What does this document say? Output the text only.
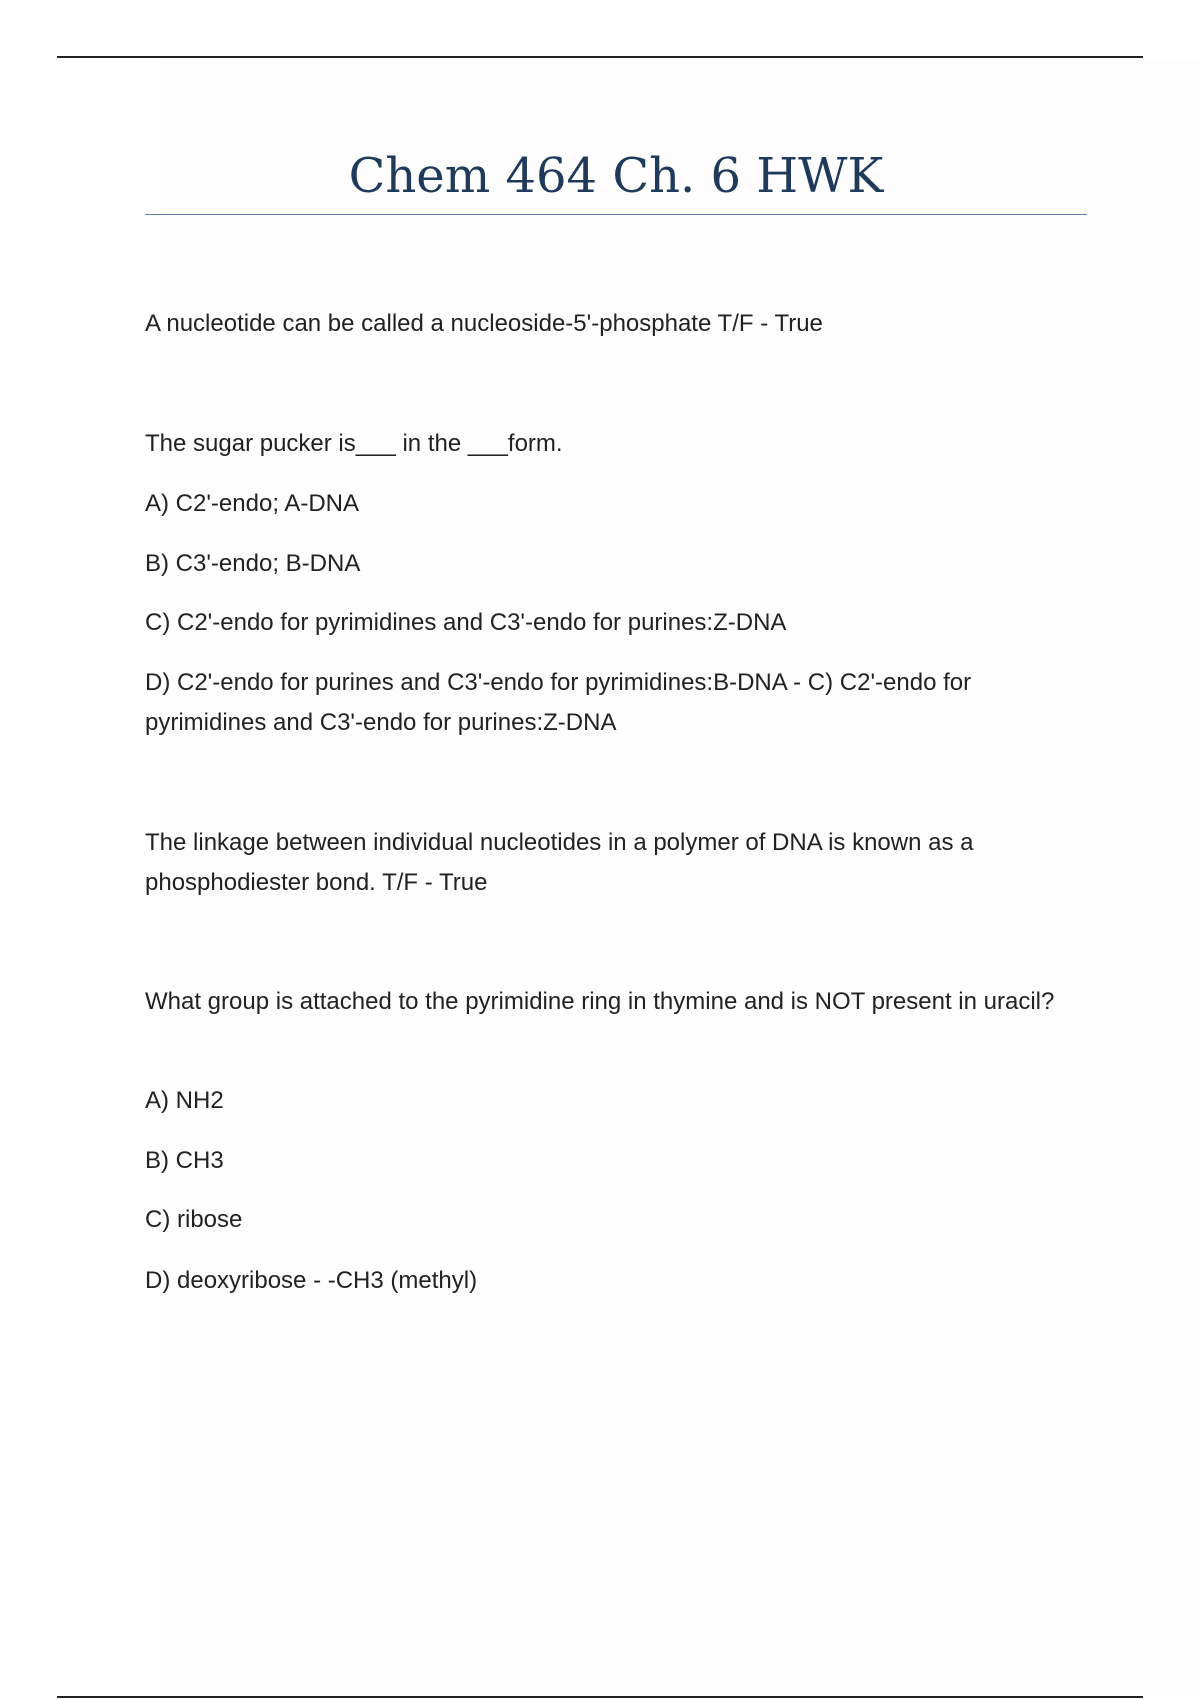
Chem 464 Ch. 6 HWK
A nucleotide can be called a nucleoside-5'-phosphate T/F - True
The sugar pucker is___ in the ___form.
A) C2'-endo; A-DNA
B) C3'-endo; B-DNA
C) C2'-endo for pyrimidines and C3'-endo for purines:Z-DNA
D) C2'-endo for purines and C3'-endo for pyrimidines:B-DNA - C) C2'-endo for pyrimidines and C3'-endo for purines:Z-DNA
The linkage between individual nucleotides in a polymer of DNA is known as a phosphodiester bond. T/F - True
What group is attached to the pyrimidine ring in thymine and is NOT present in uracil?
A) NH2
B) CH3
C) ribose
D) deoxyribose - -CH3 (methyl)
